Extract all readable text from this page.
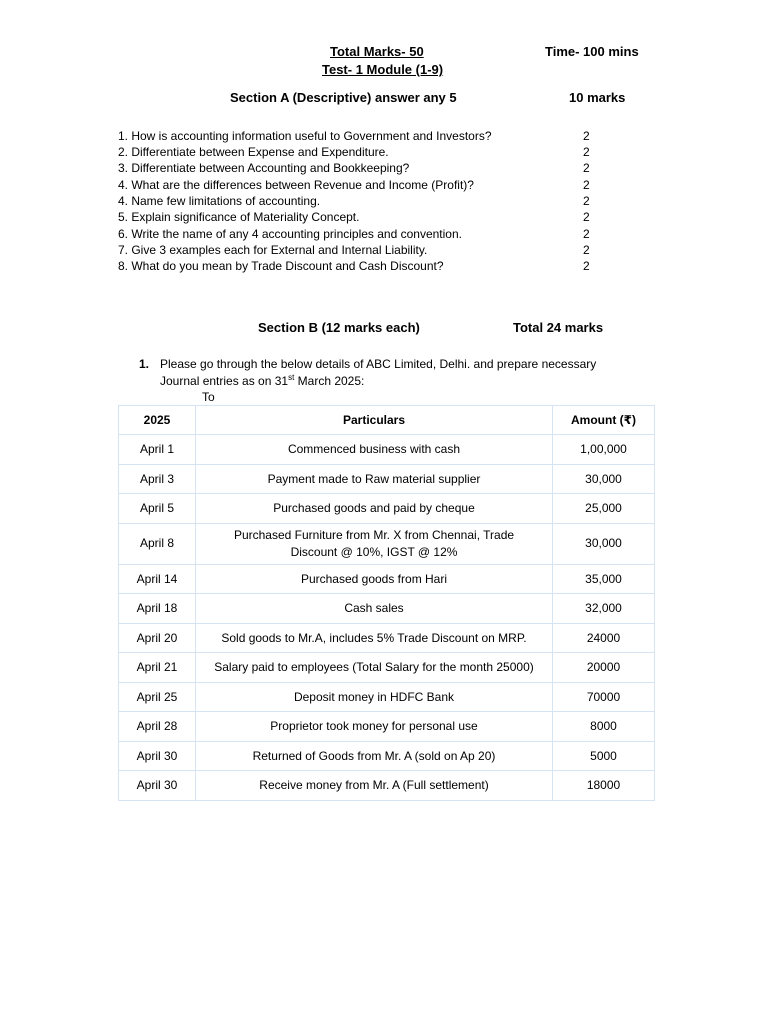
Total Marks- 50	Time- 100 mins
Test- 1 Module (1-9)
Section A (Descriptive) answer any 5	10 marks
1. How is accounting information useful to Government and Investors?	2
2. Differentiate between Expense and Expenditure.	2
3. Differentiate between Accounting and Bookkeeping?	2
4. What are the differences between Revenue and Income (Profit)?	2
4. Name few limitations of accounting.	2
5. Explain significance of Materiality Concept.	2
6. Write the name of any 4 accounting principles and convention.	2
7. Give 3 examples each for External and Internal Liability.	2
8. What do you mean by Trade Discount and Cash Discount?	2
Section B (12 marks each)	Total 24 marks
1. Please go through the below details of ABC Limited, Delhi. and prepare necessary
Journal entries as on 31st March 2025:
To
2025	Particulars	Amount (₹)
April 1	Commenced business with cash	1,00,000
April 3	Payment made to Raw material supplier	30,000
April 5	Purchased goods and paid by cheque	25,000
April 8	Purchased Furniture from Mr. X from Chennai, Trade Discount @ 10%, IGST @ 12%	30,000
April 14	Purchased goods from Hari	35,000
April 18	Cash sales	32,000
April 20	Sold goods to Mr.A, includes 5% Trade Discount on MRP.	24000
April 21	Salary paid to employees (Total Salary for the month 25000)	20000
April 25	Deposit money in HDFC Bank	70000
April 28	Proprietor took money for personal use	8000
April 30	Returned of Goods from Mr. A (sold on Ap 20)	5000
April 30	Receive money from Mr. A (Full settlement)	18000
